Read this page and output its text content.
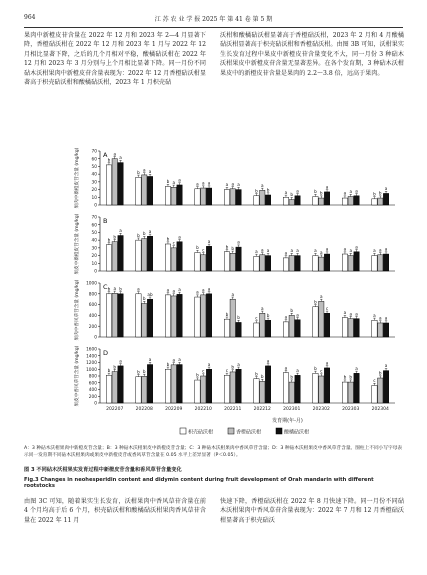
964	江 苏 农 业 学 报 2025 年 第 41 卷 第 5 期

果肉中新橙皮苷含量在 2022 年 12 月和 2023 年 2—4 月显著下降，香橙砧沃柑在 2022 年 12 月和 2023 年 1 月与 2022 年 12 月相比显著下降，之后的几个月相对平稳，酸橘砧沃柑在 2022 年 12 月和 2023 年 3 月分别与上个月相比显著下降。同一月份不同砧木沃柑果肉中新橙皮苷含量表现为：2022 年 12 月香橙砧沃柑显著高于枳壳砧沃柑和酸橘砧沃柑，2023 年 1 月枳壳砧

沃柑和酸橘砧沃柑显著高于香橙砧沃柑，2023 年 2 月和 4 月酸橘砧沃柑显著高于枳壳砧沃柑和香橙砧沃柑。由图 3B 可知，沃柑果实生长发育过程中果皮中新橙皮苷含量变化不大，同一月份 3 种砧木沃柑果皮中新橙皮苷含量无显著差异。在各个发育期，3 种砧木沃柑果皮中的新橙皮苷含量是果肉的 2.2～3.8 倍，远高于果肉。

0
10
20
30
40
50
60
70 A
果肉中新橙皮苷含量 (mg/kg)	b
a
a
b a a
b a a
a a a	a a a
b
a
b	a b
a	b b
a
a a a
b b
a
0
10
20
30
40
50
60
70 B
果皮中新橙皮苷含量 (mg/kg)	b
b
a
b b a
b
c
a
b c
a
b b
a
a a a	a a a	a a
a	a a
a
a a a
0
200
400
600
800
1000 C
果肉中香风草苷含量 (mg/kg)	b a b	a
b
ab
a a a
a a a
b
a
b	c
a
b	a
b
a
b
a
c
a a a	a
a a
0
200
400
600
800
1000
1200
1400
1600 D
果皮中香风草苷含量 (mg/kg)	b
b
a
202207
b b
a
202208
b
a a
202209
b
c
a
202210
c
b
a
202211
b
b
a
202212
a
b
a
202301
b
c
a
202302
b b
a
202303
c
b
a
202304
发育期(年-月)
枳壳砧沃柑	香橙砧沃柑	酸橘砧沃柑
A：3 种砧木沃柑果肉中新橙皮苷含量；B：3 种砧木沃柑果皮中新橙皮苷含量；C：3 种砧木沃柑果肉中香风草苷含量；D：3 种砧木沃柑果皮中香风草苷含量。图柱上不同小写字母表示同一发育期不同砧木沃柑果肉或果皮中新橙皮苷或香风草苷含量在 0.05 水平上差异显著（P＜0.05）。
图 3 不同砧木沃柑果实发育过程中新橙皮苷含量和香风草苷含量变化
Fig.3 Changes in neohesperidin content and didymin content during fruit development of Orah mandarin with different rootstocks

由图 3C 可知，随着果实生长发育，沃柑果肉中香风草苷含量在前 4 个月均高于后 6 个月，枳壳砧沃柑和酸橘砧沃柑果肉香风草苷含量在 2022 年 11 月

快速下降，香橙砧沃柑在 2022 年 8 月快速下降。同一月份不同砧木沃柑果肉中香风草苷含量表现为：2022 年 7 月和 12 月香橙砧沃柑显著高于枳壳砧沃
